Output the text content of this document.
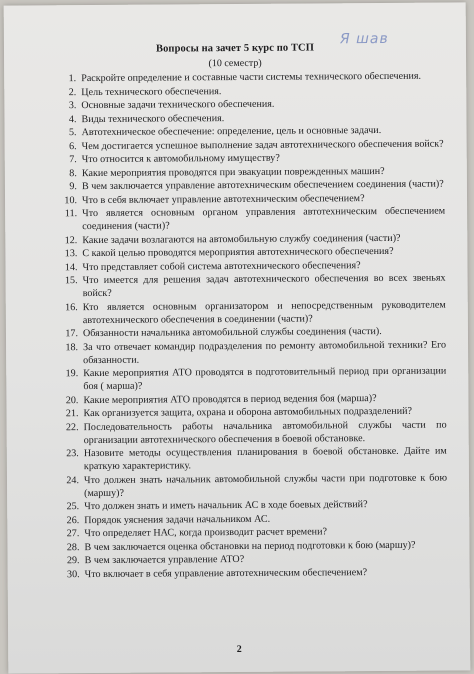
Вопросы на зачет 5 курс по ТСП
Я шав
(10 семестр)
1. Раскройте определение и составные части системы технического обеспечения.
2. Цель технического обеспечения.
3. Основные задачи технического обеспечения.
4. Виды технического обеспечения.
5. Автотехническое обеспечение: определение, цель и основные задачи.
6. Чем достигается успешное выполнение задач автотехнического обеспечения войск?
7. Что относится к автомобильному имуществу?
8. Какие мероприятия проводятся при эвакуации поврежденных машин?
9. В чем заключается управление автотехническим обеспечением соединения (части)?
10. Что в себя включает управление автотехническим обеспечением?
11. Что является основным органом управления автотехническим обеспечением соединения (части)?
12. Какие задачи возлагаются на автомобильную службу соединения (части)?
13. С какой целью проводятся мероприятия автотехнического обеспечения?
14. Что представляет собой система автотехнического обеспечения?
15. Что имеется для решения задач автотехнического обеспечения во всех звеньях войск?
16. Кто является основным организатором и непосредственным руководителем автотехнического обеспечения в соединении (части)?
17. Обязанности начальника автомобильной службы соединения (части).
18. За что отвечает командир подразделения по ремонту автомобильной техники? Его обязанности.
19. Какие мероприятия АТО проводятся в подготовительный период при организации боя ( марша)?
20. Какие мероприятия АТО проводятся в период ведения боя (марша)?
21. Как организуется защита, охрана и оборона автомобильных подразделений?
22. Последовательность работы начальника автомобильной службы части по организации автотехнического обеспечения в боевой обстановке.
23. Назовите методы осуществления планирования в боевой обстановке. Дайте им краткую характеристику.
24. Что должен знать начальник автомобильной службы части при подготовке к бою (маршу)?
25. Что должен знать и иметь начальник АС в ходе боевых действий?
26. Порядок уяснения задачи начальником АС.
27. Что определяет НАС, когда производит расчет времени?
28. В чем заключается оценка обстановки на период подготовки к бою (маршу)?
29. В чем заключается управление АТО?
30. Что включает в себя управление автотехническим обеспечением?
2
